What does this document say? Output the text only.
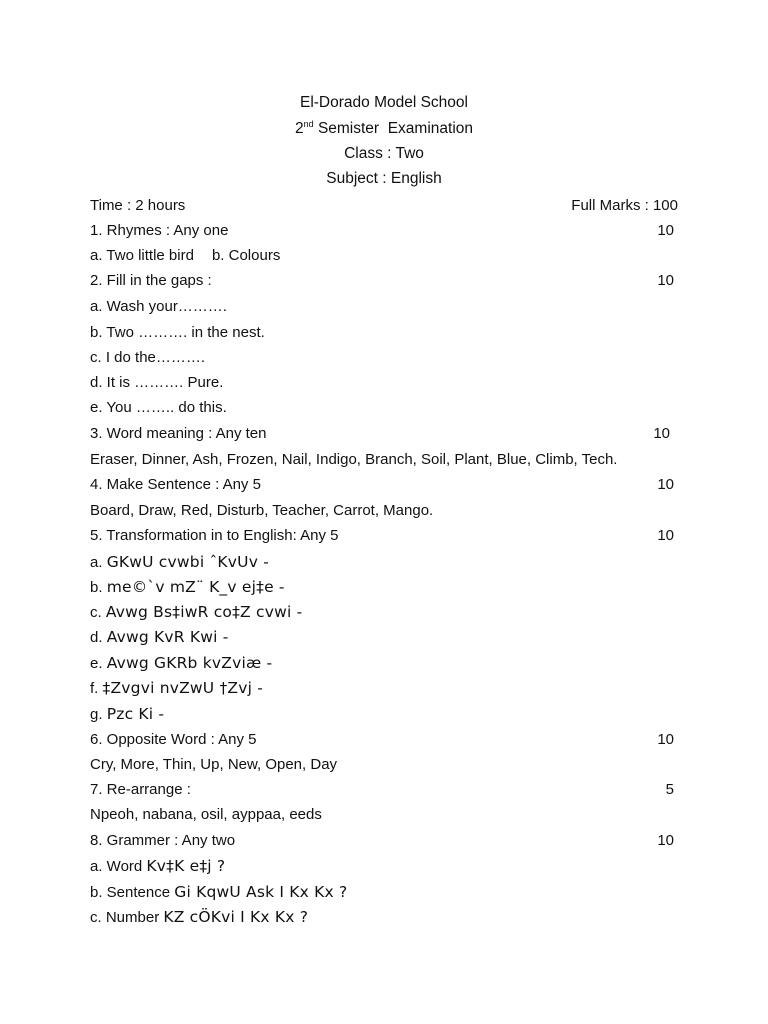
El-Dorado Model School
2nd Semister  Examination
Class : Two
Subject : English
Time : 2 hours	Full Marks : 100
1. Rhymes : Any one	10
a. Two little bird b. Colours
2. Fill in the gaps :	10
a. Wash your……….
b. Two ………. in the nest.
c. I do the……….
d. It is ………. Pure.
e. You …….. do this.
3. Word meaning : Any ten	10
Eraser, Dinner, Ash, Frozen, Nail, Indigo, Branch, Soil, Plant, Blue, Climb, Tech.
4. Make Sentence : Any 5	10
Board, Draw, Red, Disturb, Teacher, Carrot, Mango.
5. Transformation in to English: Any 5	10
a. GKwU cvwbi ˆKvUv -
b. me©`v mZ¨ K_v ej‡e -
c. Avwg Bs‡iwR co‡Z cvwi -
d. Avwg KvR Kwi -
e. Avwg GKRb kvZviæ -
f. ‡Zvgvi nvZwU †Zvj -
g. Pzc Ki -
6. Opposite Word : Any 5	10
Cry, More, Thin, Up, New, Open, Day
7. Re-arrange :	5
Npeoh, nabana, osil, ayppaa, eeds
8. Grammer : Any two	10
a. Word Kv‡K e‡j ?
b. Sentence Gi KqwU Ask I Kx Kx ?
c. Number KZ cÖKvi I Kx Kx ?
